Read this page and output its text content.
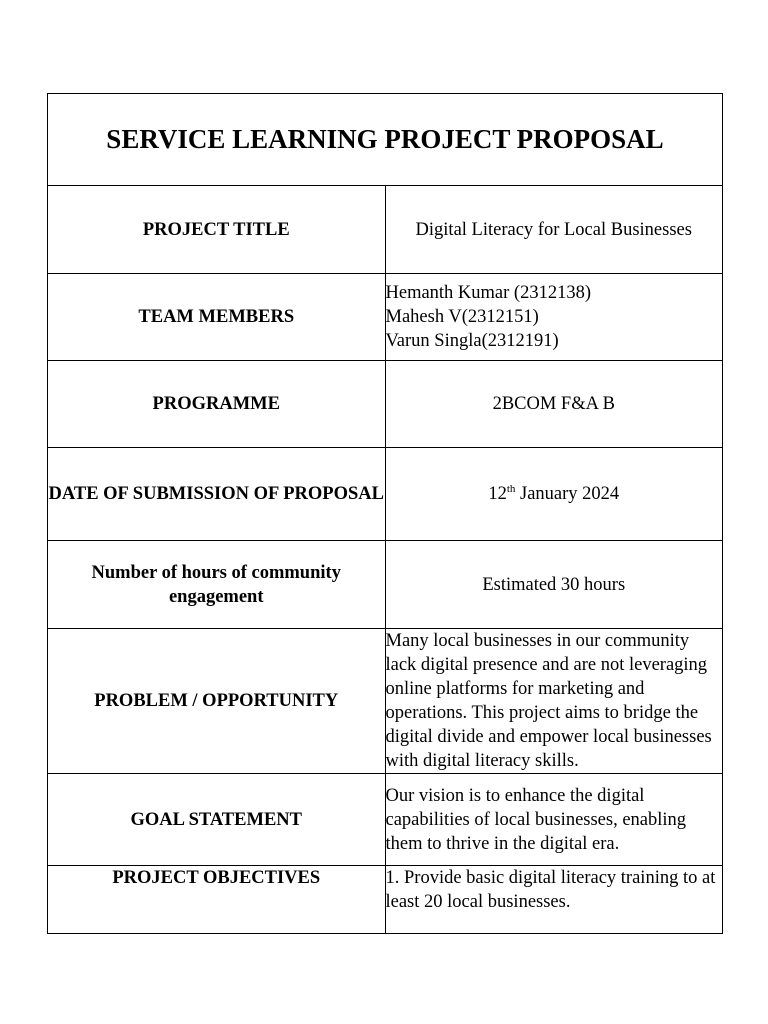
SERVICE LEARNING PROJECT PROPOSAL	
PROJECT TITLE	Digital Literacy for Local Businesses
TEAM MEMBERS	Hemanth Kumar (2312138)
Mahesh V(2312151)
Varun Singla(2312191)

PROGRAMME	2BCOM F&A B
DATE OF SUBMISSION OF PROPOSAL	12th January 2024
Number of hours of community engagement	Estimated 30 hours
PROBLEM / OPPORTUNITY	Many local businesses in our community lack digital presence and are not leveraging online platforms for marketing and operations. This project aims to bridge the digital divide and empower local businesses with digital literacy skills.
GOAL STATEMENT	Our vision is to enhance the digital capabilities of local businesses, enabling them to thrive in the digital era.
PROJECT OBJECTIVES	1. Provide basic digital literacy training to at least 20 local businesses.
